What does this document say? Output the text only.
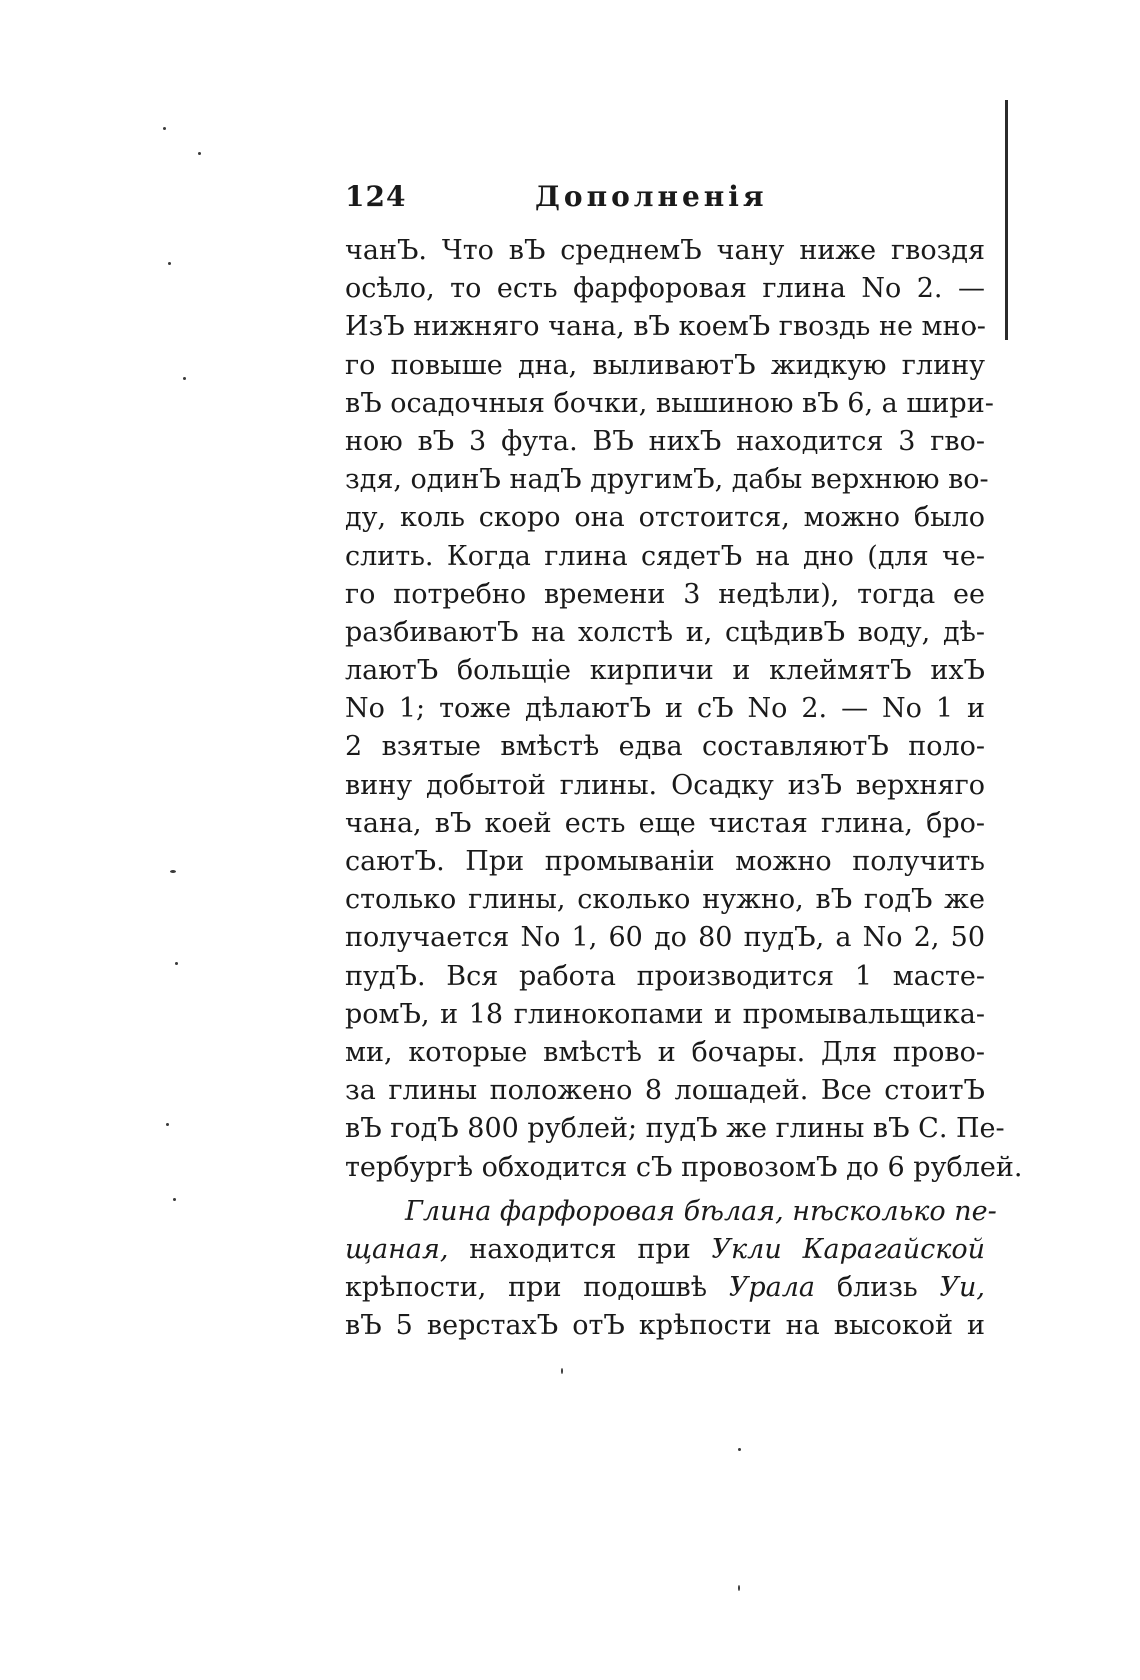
124	Дополненія
чанЪ. Что вЪ среднемЪ чану ниже гвоздя
осѣло, то есть фарфоровая глина No 2. —
ИзЪ нижняго чана, вЪ коемЪ гвоздь не мно-
го повыше дна, выливаютЪ жидкую глину
вЪ осадочныя бочки, вышиною вЪ 6, а шири-
ною вЪ 3 фута. ВЪ нихЪ находится 3 гво-
здя, одинЪ надЪ другимЪ, дабы верхнюю во-
ду, коль скоро она отстоится, можно было
слить. Когда глина сядетЪ на дно (для че-
го потребно времени 3 недѣли), тогда ее
разбиваютЪ на холстѣ и, сцѣдивЪ воду, дѣ-
лаютЪ больщіе кирпичи и клеймятЪ ихЪ
No 1; тоже дѣлаютЪ и сЪ No 2. — No 1 и
2 взятые вмѣстѣ едва составляютЪ поло-
вину добытой глины. Осадку изЪ верхняго
чана, вЪ коей есть еще чистая глина, бро-
саютЪ. При промываніи можно получить
столько глины, сколько нужно, вЪ годЪ же
получается No 1, 60 до 80 пудЪ, а No 2, 50
пудЪ. Вся работа производится 1 масте-
ромЪ, и 18 глинокопами и промывальщика-
ми, которые вмѣстѣ и бочары. Для прово-
за глины положено 8 лошадей. Все стоитЪ
вЪ годЪ 800 рублей; пудЪ же глины вЪ С. Пе-
тербургѣ обходится сЪ провозомЪ до 6 рублей.
Глина фарфоровая бѣлая, нѣсколько пе-
щаная, находится при Укли Карагайской
крѣпости, при подошвѣ Урала близь Уи,
вЪ 5 верстахЪ отЪ крѣпости на высокой и
